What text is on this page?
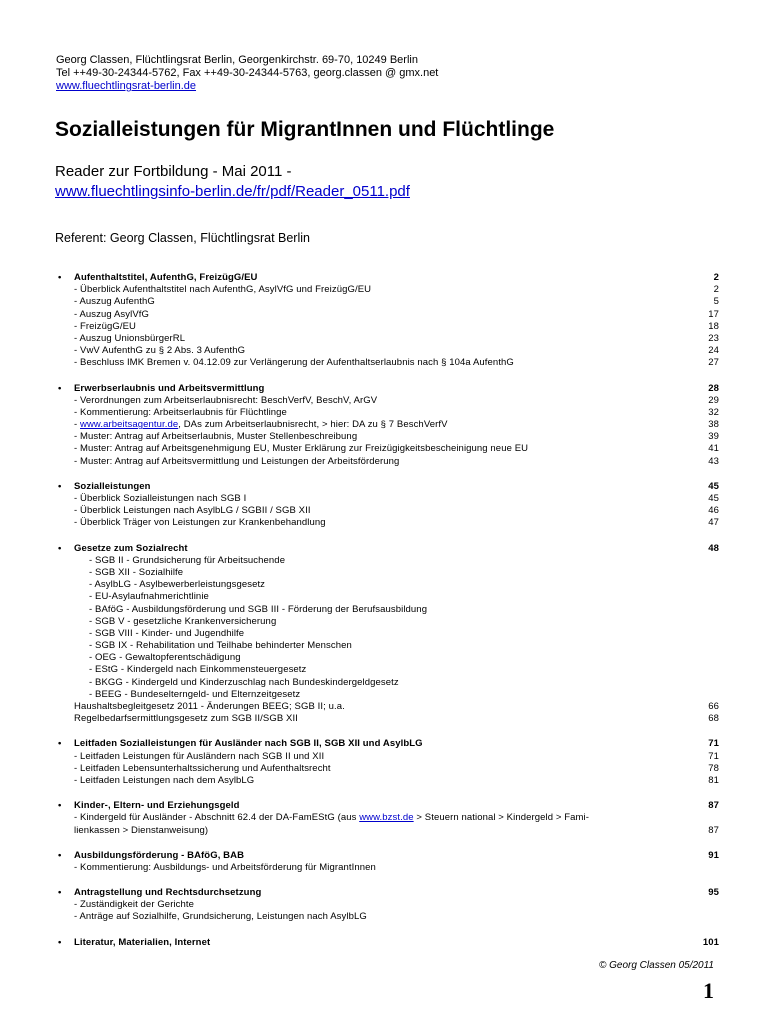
Georg Classen, Flüchtlingsrat Berlin, Georgenkirchstr. 69-70, 10249 Berlin
Tel ++49-30-24344-5762, Fax ++49-30-24344-5763, georg.classen @ gmx.net
www.fluechtlingsrat-berlin.de
Sozialleistungen für MigrantInnen und Flüchtlinge
Reader zur Fortbildung - Mai 2011 -
www.fluechtlingsinfo-berlin.de/fr/pdf/Reader_0511.pdf
Referent: Georg Classen, Flüchtlingsrat Berlin
• Aufenthaltstitel, AufenthG, FreizügG/EU	2
- Überblick Aufenthaltstitel nach AufenthG, AsylVfG und FreizügG/EU	2
- Auszug AufenthG	5
- Auszug AsylVfG	17
- FreizügG/EU	18
- Auszug UnionsbürgerRL	23
- VwV AufenthG zu § 2 Abs. 3 AufenthG	24
- Beschluss IMK Bremen v. 04.12.09 zur Verlängerung der Aufenthaltserlaubnis nach § 104a AufenthG	27
• Erwerbserlaubnis und Arbeitsvermittlung	28
- Verordnungen zum Arbeitserlaubnisrecht: BeschVerfV, BeschV, ArGV	29
- Kommentierung: Arbeitserlaubnis für Flüchtlinge	32
- www.arbeitsagentur.de, DAs zum Arbeitserlaubnisrecht, > hier: DA zu § 7 BeschVerfV	38
- Muster: Antrag auf Arbeitserlaubnis, Muster Stellenbeschreibung	39
- Muster: Antrag auf Arbeitsgenehmigung EU, Muster Erklärung zur Freizügigkeitsbescheinigung neue EU	41
- Muster: Antrag auf Arbeitsvermittlung und Leistungen der Arbeitsförderung	43
• Sozialleistungen	45
- Überblick Sozialleistungen nach SGB I	45
- Überblick Leistungen nach AsylbLG / SGBII / SGB XII	46
- Überblick Träger von Leistungen zur Krankenbehandlung	47
• Gesetze zum Sozialrecht	48
- SGB II - Grundsicherung für Arbeitsuchende
- SGB XII - Sozialhilfe
- AsylbLG - Asylbewerberleistungsgesetz
- EU-Asylaufnahmerichtlinie
- BAföG - Ausbildungsförderung und SGB III - Förderung der Berufsausbildung
- SGB V - gesetzliche Krankenversicherung
- SGB VIII - Kinder- und Jugendhilfe
- SGB IX - Rehabilitation und Teilhabe behinderter Menschen
- OEG - Gewaltopferentschädigung
- EStG - Kindergeld nach Einkommensteuergesetz
- BKGG - Kindergeld und Kinderzuschlag nach Bundeskindergeldgesetz
- BEEG - Bundeselterngeld- und Elternzeitgesetz
Haushaltsbegleitgesetz 2011 - Änderungen BEEG; SGB II; u.a.	66
Regelbedarfsermittlungsgesetz zum SGB II/SGB XII	68
• Leitfaden Sozialleistungen für Ausländer nach SGB II, SGB XII und AsylbLG	71
- Leitfaden Leistungen für Ausländern nach SGB II und XII	71
- Leitfaden Lebensunterhaltssicherung und Aufenthaltsrecht	78
- Leitfaden Leistungen nach dem AsylbLG	81
• Kinder-, Eltern- und Erziehungsgeld	87
- Kindergeld für Ausländer - Abschnitt 62.4 der DA-FamEStG (aus www.bzst.de > Steuern national > Kindergeld > Fami-
lienkassen > Dienstanweisung)	87
• Ausbildungsförderung - BAföG, BAB	91
- Kommentierung: Ausbildungs- und Arbeitsförderung für MigrantInnen
• Antragstellung und Rechtsdurchsetzung	95
- Zuständigkeit der Gerichte
- Anträge auf Sozialhilfe, Grundsicherung, Leistungen nach AsylbLG
• Literatur, Materialien, Internet	101
© Georg Classen 05/2011
1
